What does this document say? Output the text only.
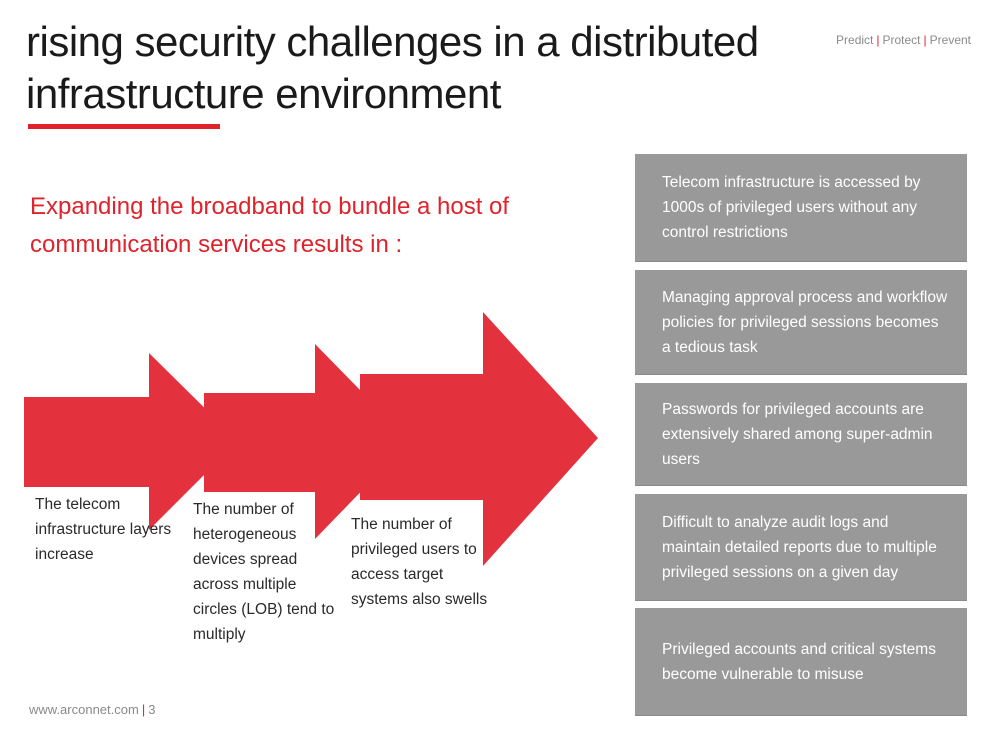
rising security challenges in a distributed infrastructure environment
Predict | Protect | Prevent
Expanding the broadband to bundle a host of communication services results in :
The telecom infrastructure layers increase
The number of heterogeneous devices spread across multiple circles (LOB) tend to multiply
The number of privileged users to access target systems also swells
Telecom infrastructure is accessed by 1000s of privileged users without any control restrictions
Managing approval process and workflow policies for privileged sessions becomes a tedious task
Passwords for privileged accounts are extensively shared among super-admin users
Difficult to analyze audit logs and maintain detailed reports due to multiple privileged sessions on a given day
Privileged accounts and critical systems become vulnerable to misuse
www.arconnet.com | 3
